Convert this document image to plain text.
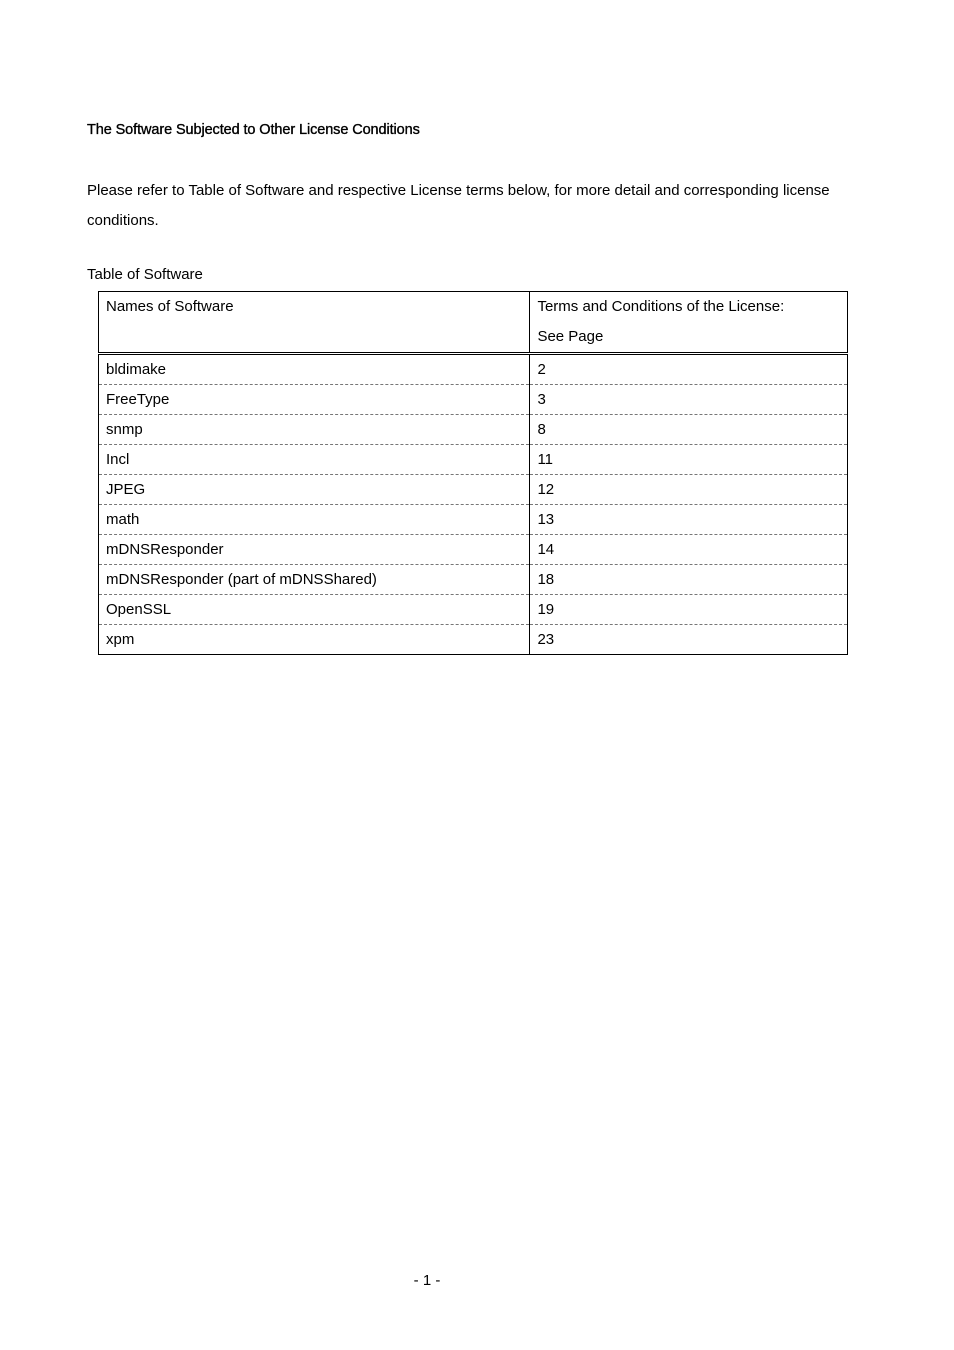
The Software Subjected to Other License Conditions

Please refer to Table of Software and respective License terms below, for more detail and corresponding license conditions.

Table of Software

Names of Software	Terms and Conditions of the License:
See Page

bldimake	2
FreeType	3
snmp	8
Incl	11
JPEG	12
math	13
mDNSResponder	14
mDNSResponder (part of mDNSShared)	18
OpenSSL	19
xpm	23

- 1 -
